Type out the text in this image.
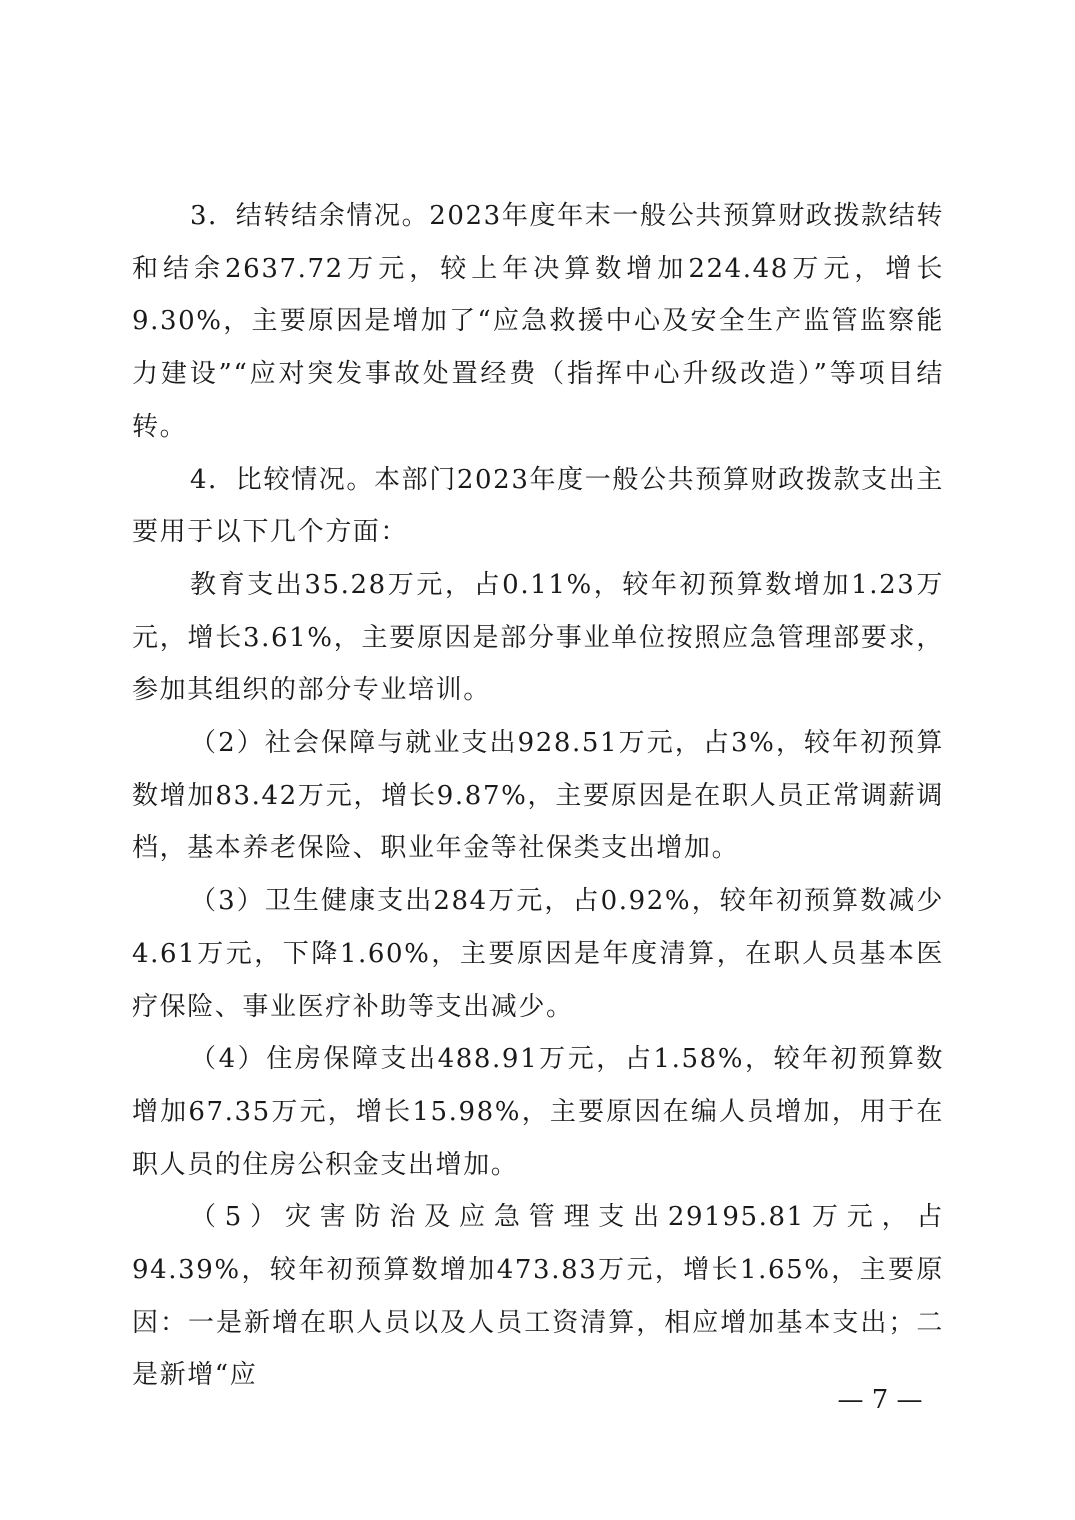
3．结转结余情况。2023年度年末一般公共预算财政拨款结转和结余2637.72万元，较上年决算数增加224.48万元，增长9.30%，主要原因是增加了“应急救援中心及安全生产监管监察能力建设”“应对突发事故处置经费（指挥中心升级改造）”等项目结转。

4．比较情况。本部门2023年度一般公共预算财政拨款支出主要用于以下几个方面：

教育支出35.28万元，占0.11%，较年初预算数增加1.23万元，增长3.61%，主要原因是部分事业单位按照应急管理部要求，参加其组织的部分专业培训。

（2）社会保障与就业支出928.51万元，占3%，较年初预算数增加83.42万元，增长9.87%，主要原因是在职人员正常调薪调档，基本养老保险、职业年金等社保类支出增加。

（3）卫生健康支出284万元，占0.92%，较年初预算数减少4.61万元，下降1.60%，主要原因是年度清算，在职人员基本医疗保险、事业医疗补助等支出减少。

（4）住房保障支出488.91万元，占1.58%，较年初预算数增加67.35万元，增长15.98%，主要原因在编人员增加，用于在职人员的住房公积金支出增加。

（5）灾害防治及应急管理支出29195.81万元，占94.39%，较年初预算数增加473.83万元，增长1.65%，主要原因：一是新增在职人员以及人员工资清算，相应增加基本支出；二是新增“应

— 7 —
